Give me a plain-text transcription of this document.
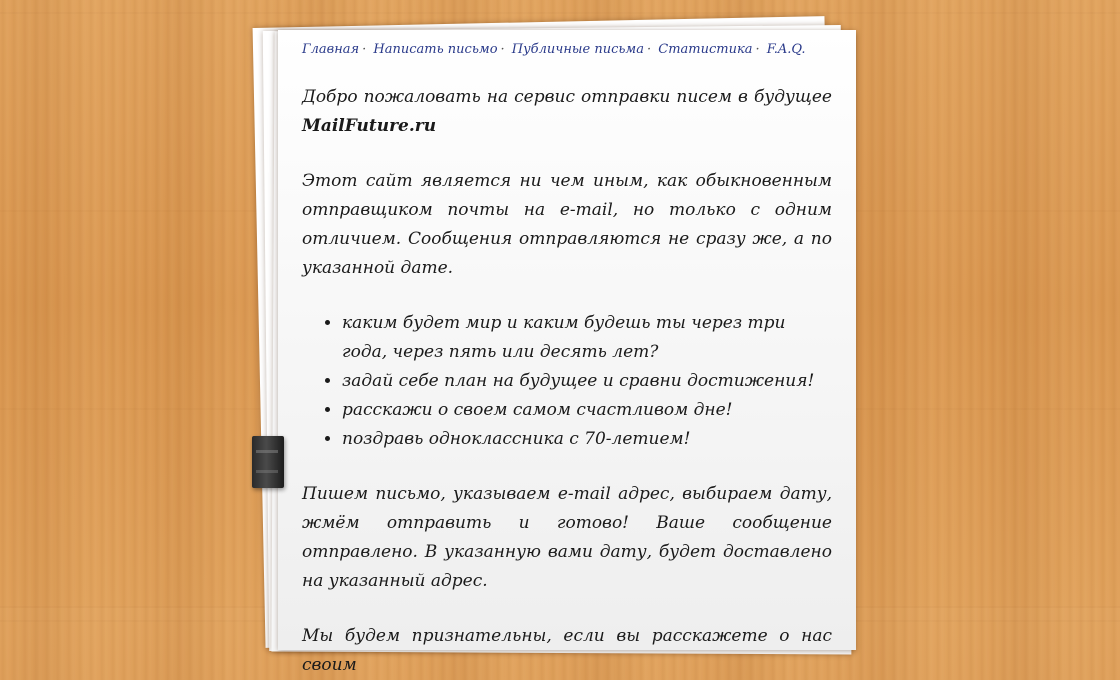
Главная · Написать письмо · Публичные письма · Статистика · F.A.Q.

Добро пожаловать на сервис отправки писем в будущее MailFuture.ru

Этот сайт является ни чем иным, как обыкновенным отправщиком почты на e-mail, но только с одним отличием. Сообщения отправляются не сразу же, а по указанной дате.

• каким будет мир и каким будешь ты через три года, через пять или десять лет?
• задай себе план на будущее и сравни достижения!
• расскажи о своем самом счастливом дне!
• поздравь одноклассника с 70-летием!

Пишем письмо, указываем e-mail адрес, выбираем дату, жмём отправить и готово! Ваше сообщение отправлено. В указанную вами дату, будет доставлено на указанный адрес.

Мы будем признательны, если вы расскажете о нас своим
